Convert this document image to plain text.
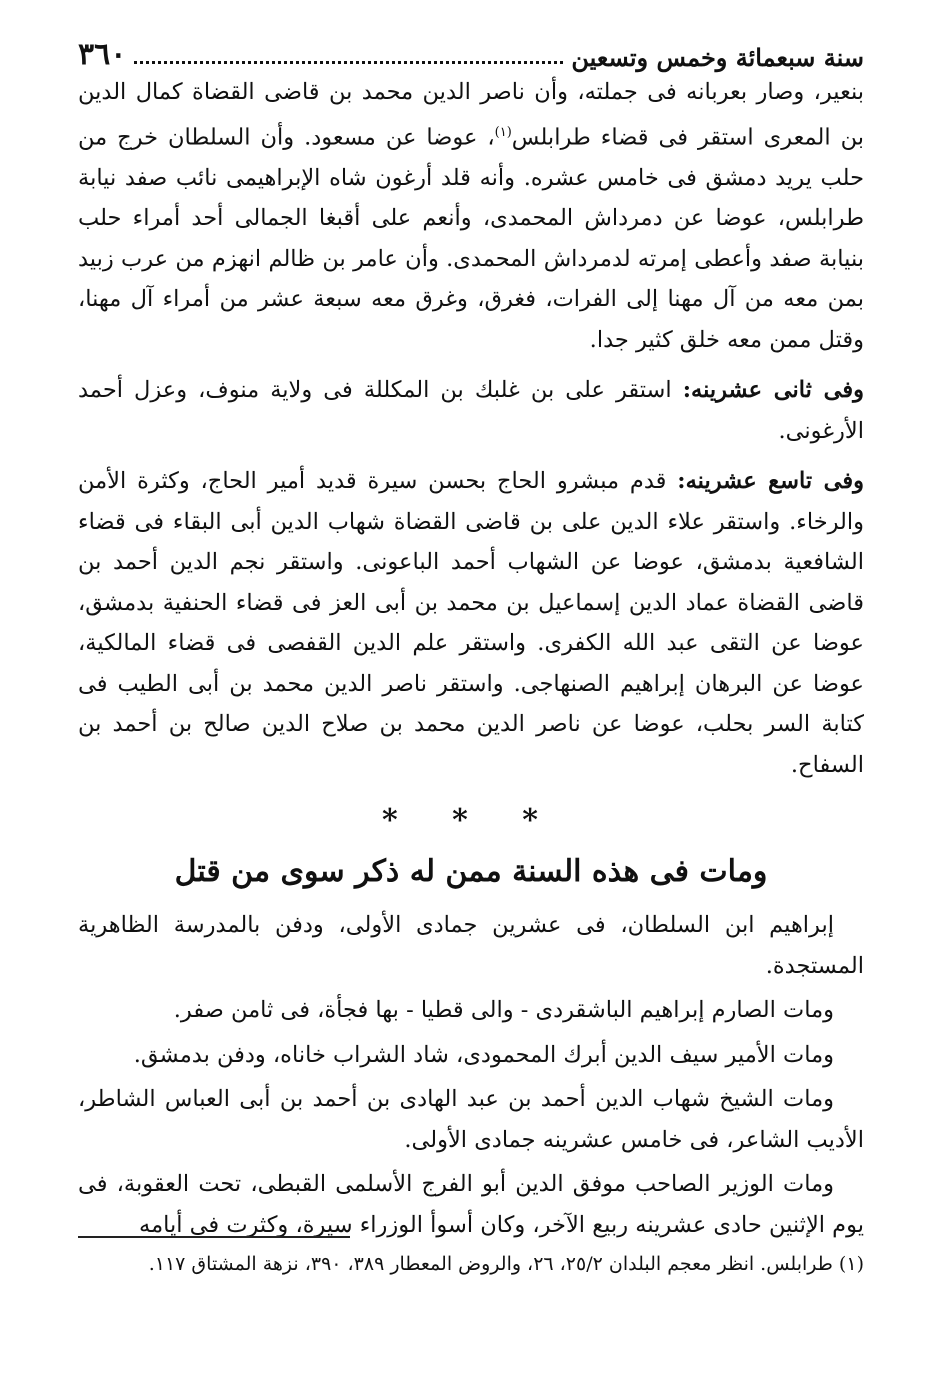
سنة سبعمائة وخمس وتسعين
٣٦٠

بنعير، وصار بعربانه فى جملته، وأن ناصر الدين محمد بن قاضى القضاة كمال الدين بن المعرى استقر فى قضاء طرابلس$^{(١)}$، عوضا عن مسعود. وأن السلطان خرج من حلب يريد دمشق فى خامس عشره. وأنه قلد أرغون شاه الإبراهيمى نائب صفد نيابة طرابلس، عوضا عن دمرداش المحمدى، وأنعم على أقبغا الجمالى أحد أمراء حلب بنيابة صفد وأعطى إمرته لدمرداش المحمدى. وأن عامر بن ظالم انهزم من عرب زبيد بمن معه من آل مهنا إلى الفرات، فغرق، وغرق معه سبعة عشر من أمراء آل مهنا، وقتل ممن معه خلق كثير جدا.

وفى ثانى عشرينه: استقر على بن غلبك بن المكللة فى ولاية منوف، وعزل أحمد الأرغونى.

وفى تاسع عشرينه: قدم مبشرو الحاج بحسن سيرة قديد أمير الحاج، وكثرة الأمن والرخاء. واستقر علاء الدين على بن قاضى القضاة شهاب الدين أبى البقاء فى قضاء الشافعية بدمشق، عوضا عن الشهاب أحمد الباعونى. واستقر نجم الدين أحمد بن قاضى القضاة عماد الدين إسماعيل بن محمد بن أبى العز فى قضاء الحنفية بدمشق، عوضا عن التقى عبد الله الكفرى. واستقر علم الدين القفصى فى قضاء المالكية، عوضا عن البرهان إبراهيم الصنهاجى. واستقر ناصر الدين محمد بن أبى الطيب فى كتابة السر بحلب، عوضا عن ناصر الدين محمد بن صلاح الدين صالح بن أحمد بن السفاح.

* * *
ومات فى هذه السنة ممن له ذكر سوى من قتل

إبراهيم ابن السلطان، فى عشرين جمادى الأولى، ودفن بالمدرسة الظاهرية المستجدة.

ومات الصارم إبراهيم الباشقردى - والى قطيا - بها فجأة، فى ثامن صفر.

ومات الأمير سيف الدين أبرك المحمودى، شاد الشراب خاناه، ودفن بدمشق.

ومات الشيخ شهاب الدين أحمد بن عبد الهادى بن أحمد بن أبى العباس الشاطر، الأديب الشاعر، فى خامس عشرينه جمادى الأولى.

ومات الوزير الصاحب موفق الدين أبو الفرج الأسلمى القبطى، تحت العقوبة، فى يوم الإثنين حادى عشرينه ربيع الآخر، وكان أسوأ الوزراء سيرة، وكثرت فى أيامه

(١) طرابلس. انظر معجم البلدان ٢٥/٢، ٢٦، والروض المعطار ٣٨٩، ٣٩٠، نزهة المشتاق ١١٧.
